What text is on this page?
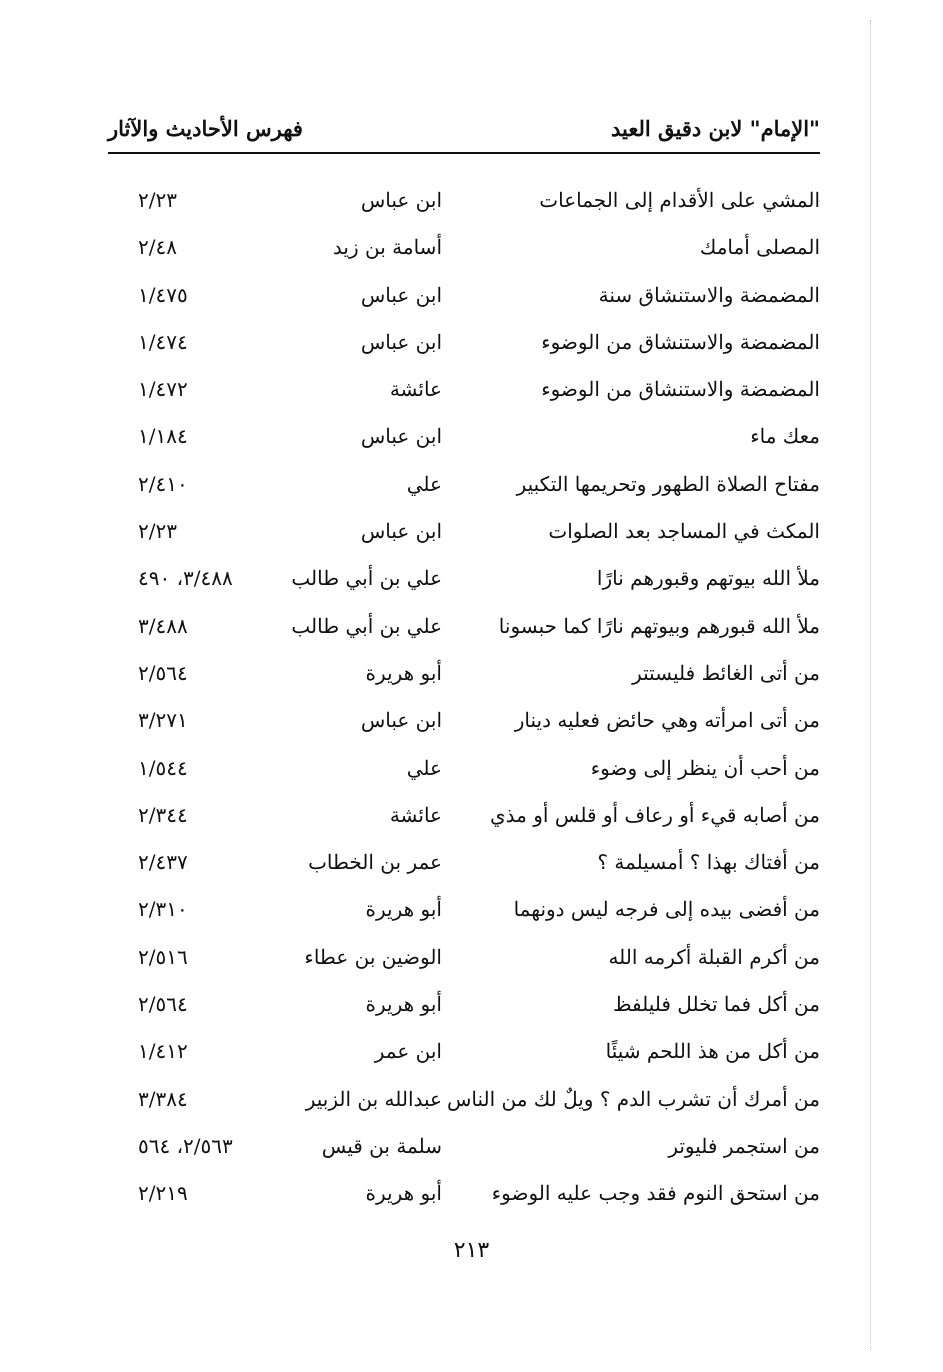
"الإمام" لابن دقيق العيد
فهرس الأحاديث والآثار
المشي على الأقدام إلى الجماعات
ابن عباس
٢/٢٣
المصلى أمامك
أسامة بن زيد
٢/٤٨
المضمضة والاستنشاق سنة
ابن عباس
١/٤٧٥
المضمضة والاستنشاق من الوضوء
ابن عباس
١/٤٧٤
المضمضة والاستنشاق من الوضوء
عائشة
١/٤٧٢
معك ماء
ابن عباس
١/١٨٤
مفتاح الصلاة الطهور وتحريمها التكبير
علي
٢/٤١٠
المكث في المساجد بعد الصلوات
ابن عباس
٢/٢٣
ملأ الله بيوتهم وقبورهم نارًا
علي بن أبي طالب
٣/٤٨٨، ٤٩٠
ملأ الله قبورهم وبيوتهم نارًا كما حبسونا
علي بن أبي طالب
٣/٤٨٨
من أتى الغائط فليستتر
أبو هريرة
٢/٥٦٤
من أتى امرأته وهي حائض فعليه دينار
ابن عباس
٣/٢٧١
من أحب أن ينظر إلى وضوء
علي
١/٥٤٤
من أصابه قيء أو رعاف أو قلس أو مذي
عائشة
٢/٣٤٤
من أفتاك بهذا ؟ أمسيلمة ؟
عمر بن الخطاب
٢/٤٣٧
من أفضى بيده إلى فرجه ليس دونهما
أبو هريرة
٢/٣١٠
من أكرم القبلة أكرمه الله
الوضين بن عطاء
٢/٥١٦
من أكل فما تخلل فليلفظ
أبو هريرة
٢/٥٦٤
من أكل من هذ اللحم شيئًا
ابن عمر
١/٤١٢
من أمرك أن تشرب الدم ؟ ويلٌ لك من الناس
عبدالله بن الزبير
٣/٣٨٤
من استجمر فليوتر
سلمة بن قيس
٢/٥٦٣، ٥٦٤
من استحق النوم فقد وجب عليه الوضوء
أبو هريرة
٢/٢١٩
٢١٣
